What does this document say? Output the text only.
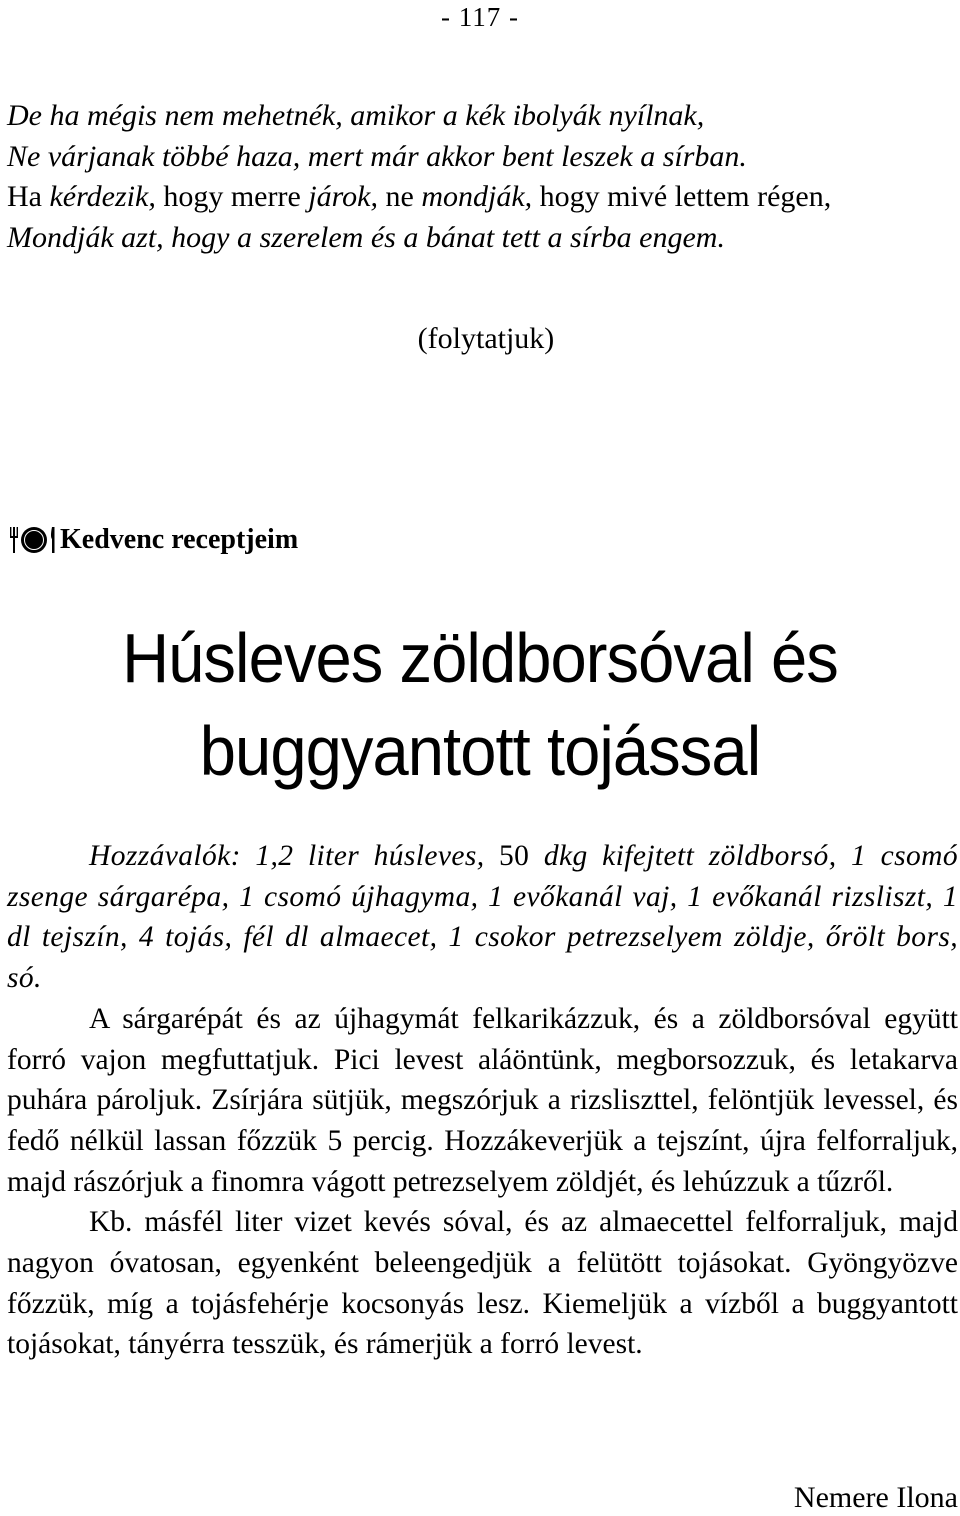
- 117 -
De ha mégis nem mehetnék, amikor a kék ibolyák nyílnak,
Ne várjanak többé haza, mert már akkor bent leszek a sírban.
Ha kérdezik, hogy merre járok, ne mondják, hogy mivé lettem régen,
Mondják azt, hogy a szerelem és a bánat tett a sírba engem.
(folytatjuk)
Kedvenc receptjeim
Húsleves zöldborsóval és
buggyantott tojással

Hozzávalók: 1,2 liter húsleves, 50 dkg kifejtett zöldborsó, 1 csomó zsenge sárgarépa, 1 csomó újhagyma, 1 evőkanál vaj, 1 evőkanál rizsliszt, 1 dl tejszín, 4 tojás, fél dl almaecet, 1 csokor petrezselyem zöldje, őrölt bors, só.

A sárgarépát és az újhagymát felkarikázzuk, és a zöldborsóval együtt forró vajon megfuttatjuk. Pici levest aláöntünk, megborsozzuk, és letakarva puhára pároljuk. Zsírjára sütjük, megszórjuk a rizsliszttel, felöntjük levessel, és fedő nélkül lassan főzzük 5 percig. Hozzákeverjük a tejszínt, újra felforraljuk, majd rászórjuk a finomra vágott petrezselyem zöldjét, és lehúzzuk a tűzről.

Kb. másfél liter vizet kevés sóval, és az almaecettel felforraljuk, majd nagyon óvatosan, egyenként beleengedjük a felütött tojásokat. Gyöngyözve főzzük, míg a tojásfehérje kocsonyás lesz. Kiemeljük a vízből a buggyantott tojásokat, tányérra tesszük, és rámerjük a forró levest.

Nemere Ilona
